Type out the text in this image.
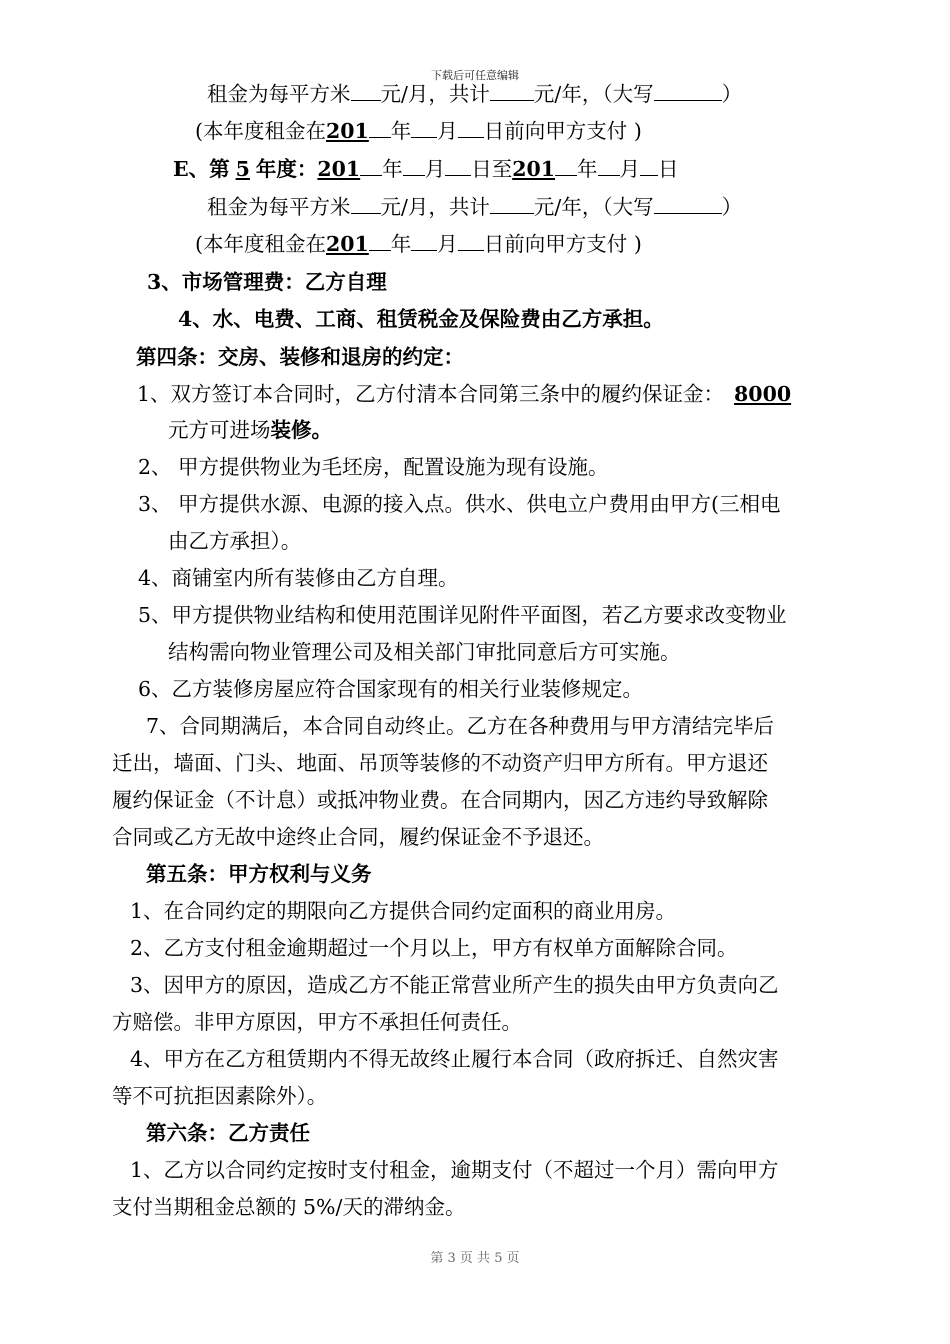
下载后可任意编辑
租金为每平方米 元/月，共计 元/年，（大写	）
(本年度租金在201 年 月 日前向甲方支付 )
E、第 5 年度：201 年 月 日至201 年 月 日
租金为每平方米 元/月，共计 元/年，（大写	）
(本年度租金在201 年 月 日前向甲方支付 )
3、市场管理费：乙方自理
4、水、电费、工商、租赁税金及保险费由乙方承担。
第四条：交房、装修和退房的约定：
1、双方签订本合同时，乙方付清本合同第三条中的履约保证金： 8000
元方可进场装修。
2、 甲方提供物业为毛坯房，配置设施为现有设施。
3、 甲方提供水源、电源的接入点。供水、供电立户费用由甲方(三相电
由乙方承担）。
4、商铺室内所有装修由乙方自理。
5、甲方提供物业结构和使用范围详见附件平面图，若乙方要求改变物业
结构需向物业管理公司及相关部门审批同意后方可实施。
6、乙方装修房屋应符合国家现有的相关行业装修规定。
7、合同期满后，本合同自动终止。乙方在各种费用与甲方清结完毕后
迁出，墙面、门头、地面、吊顶等装修的不动资产归甲方所有。甲方退还
履约保证金（不计息）或抵冲物业费。在合同期内，因乙方违约导致解除
合同或乙方无故中途终止合同，履约保证金不予退还。
第五条：甲方权利与义务
1、在合同约定的期限向乙方提供合同约定面积的商业用房。
2、乙方支付租金逾期超过一个月以上，甲方有权单方面解除合同。
3、因甲方的原因，造成乙方不能正常营业所产生的损失由甲方负责向乙
方赔偿。非甲方原因，甲方不承担任何责任。
4、甲方在乙方租赁期内不得无故终止履行本合同（政府拆迁、自然灾害
等不可抗拒因素除外）。
第六条：乙方责任
1、乙方以合同约定按时支付租金，逾期支付（不超过一个月）需向甲方
支付当期租金总额的 5%/天的滞纳金。
第 3 页 共 5 页
